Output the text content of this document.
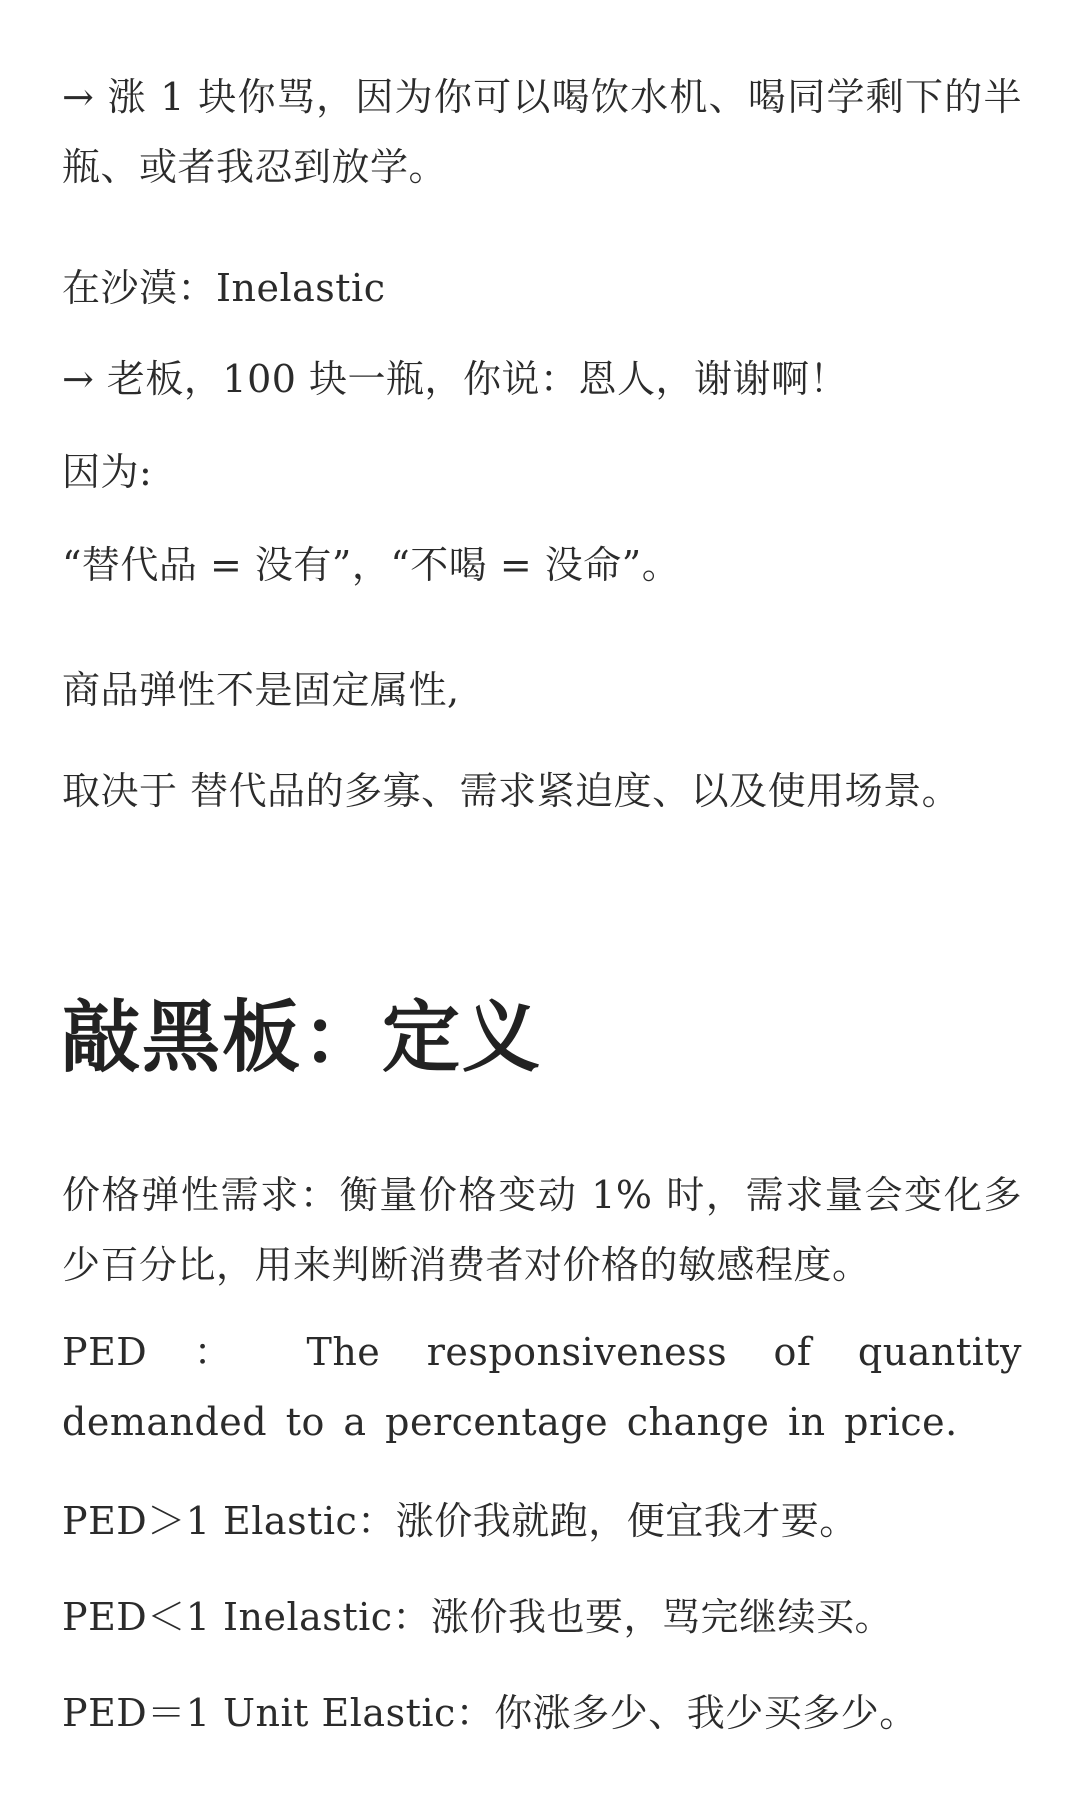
→ 涨 1 块你骂，因为你可以喝饮水机、喝同学剩下的半瓶、或者我忍到放学。

在沙漠：Inelastic

→ 老板，100 块一瓶，你说：恩人，谢谢啊！

因为:

“替代品 = 没有”，“不喝 = 没命”。

商品弹性不是固定属性,

取决于 替代品的多寡、需求紧迫度、以及使用场景。

敲黑板：定义

价格弹性需求：衡量价格变动 1% 时，需求量会变化多少百分比，用来判断消费者对价格的敏感程度。

PED ： The responsiveness of quantity demanded to a percentage change in price.

PED＞1 Elastic：涨价我就跑，便宜我才要。

PED＜1 Inelastic：涨价我也要，骂完继续买。

PED＝1 Unit Elastic：你涨多少、我少买多少。
